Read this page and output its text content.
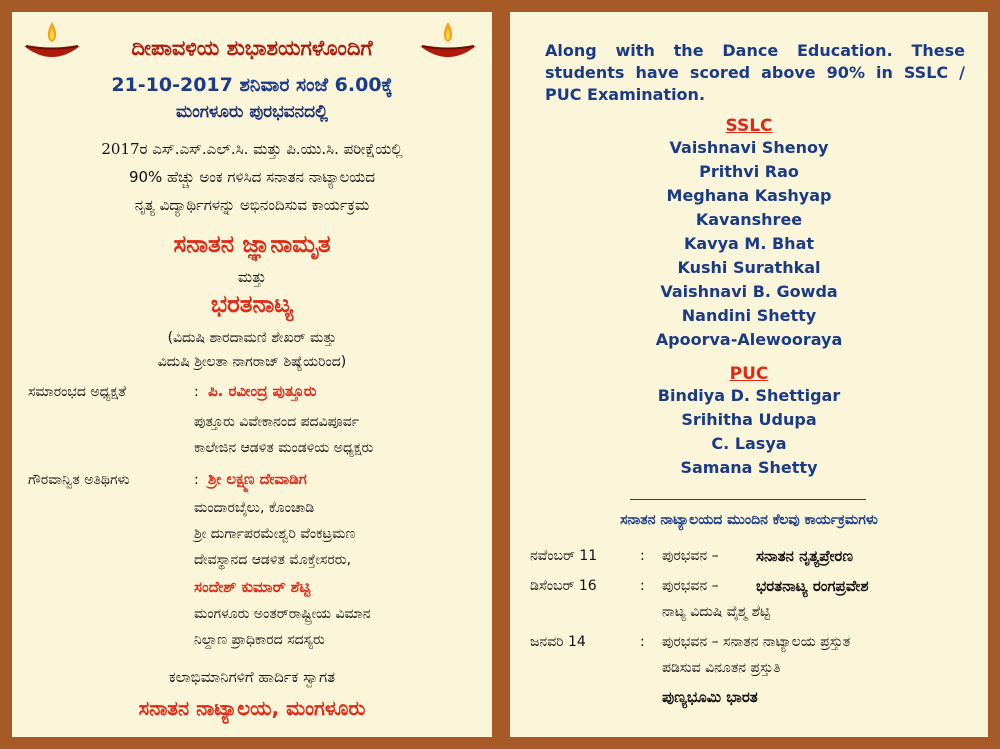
ದೀಪಾವಳಿಯ ಶುಭಾಶಯಗಳೊಂದಿಗೆ
21-10-2017 ಶನಿವಾರ ಸಂಜೆ 6.00ಕ್ಕೆ
ಮಂಗಳೂರು ಪುರಭವನದಲ್ಲಿ
2017ರ ಎಸ್.ಎಸ್.ಎಲ್.ಸಿ. ಮತ್ತು ಪಿ.ಯು.ಸಿ. ಪರೀಕ್ಷೆಯಲ್ಲಿ
90% ಹೆಚ್ಚು ಅಂಕ ಗಳಿಸಿದ ಸನಾತನ ನಾಟ್ಯಾಲಯದ
ನೃತ್ಯ ವಿದ್ಯಾರ್ಥಿಗಳನ್ನು ಅಭಿನಂದಿಸುವ ಕಾರ್ಯಕ್ರಮ
ಸನಾತನ ಜ್ಞಾನಾಮೃತ
ಮತ್ತು
ಭರತನಾಟ್ಯ
(ವಿದುಷಿ ಶಾರದಾಮಣಿ ಶೇಖರ್ ಮತ್ತು
ವಿದುಷಿ ಶ್ರೀಲತಾ ನಾಗರಾಜ್ ಶಿಷ್ಯೆಯರಿಂದ)
ಸಮಾರಂಭದ ಅಧ್ಯಕ್ಷತೆ	: ಪಿ. ರವೀಂದ್ರ ಪುತ್ತೂರು
ಪುತ್ತೂರು ವಿವೇಕಾನಂದ ಪದವಿಪೂರ್ವ
ಕಾಲೇಜಿನ ಆಡಳಿತ ಮಂಡಳಿಯ ಅಧ್ಯಕ್ಷರು
ಗೌರವಾನ್ವಿತ ಅತಿಥಿಗಳು	: ಶ್ರೀ ಲಕ್ಷ್ಮಣ ದೇವಾಡಿಗ
ಮಂದಾರಬೈಲು, ಕೊಂಚಾಡಿ
ಶ್ರೀ ದುರ್ಗಾಪರಮೇಶ್ವರಿ ವೆಂಕಟ್ರಮಣ
ದೇವಸ್ಥಾನದ ಆಡಳಿತ ಮೊಕ್ತೇಸರರು,
ಸಂದೇಶ್ ಕುಮಾರ್ ಶೆಟ್ಟಿ
ಮಂಗಳೂರು ಅಂತರ್‌ರಾಷ್ಟ್ರೀಯ ವಿಮಾನ
ನಿಲ್ದಾಣ ಪ್ರಾಧಿಕಾರದ ಸದಸ್ಯರು
ಕಲಾಭಿಮಾನಿಗಳಿಗೆ ಹಾರ್ದಿಕ ಸ್ವಾಗತ
ಸನಾತನ ನಾಟ್ಯಾಲಯ, ಮಂಗಳೂರು
Along with the Dance Education. These students have scored above 90% in SSLC / PUC Examination.
SSLC
Vaishnavi Shenoy
Prithvi Rao
Meghana Kashyap
Kavanshree
Kavya M. Bhat
Kushi Surathkal
Vaishnavi B. Gowda
Nandini Shetty
Apoorva-Alewooraya
PUC
Bindiya D. Shettigar
Srihitha Udupa
C. Lasya
Samana Shetty
ಸನಾತನ ನಾಟ್ಯಾಲಯದ ಮುಂದಿನ ಕೆಲವು ಕಾರ್ಯಕ್ರಮಗಳು
ನವೆಂಬರ್ 11	: ಪುರಭವನ – ಸನಾತನ ನೃತ್ಯಪ್ರೇರಣ
ಡಿಸೆಂಬರ್ 16	: ಪುರಭವನ – ಭರತನಾಟ್ಯ ರಂಗಪ್ರವೇಶ
ನಾಟ್ಯ ವಿದುಷಿ ವೈಶ್ಮ ಶೆಟ್ಟಿ
ಜನವರಿ 14	: ಪುರಭವನ – ಸನಾತನ ನಾಟ್ಯಾಲಯ ಪ್ರಸ್ತುತ
ಪಡಿಸುವ ವಿನೂತನ ಪ್ರಸ್ತುತಿ
ಪುಣ್ಯಭೂಮಿ ಭಾರತ
